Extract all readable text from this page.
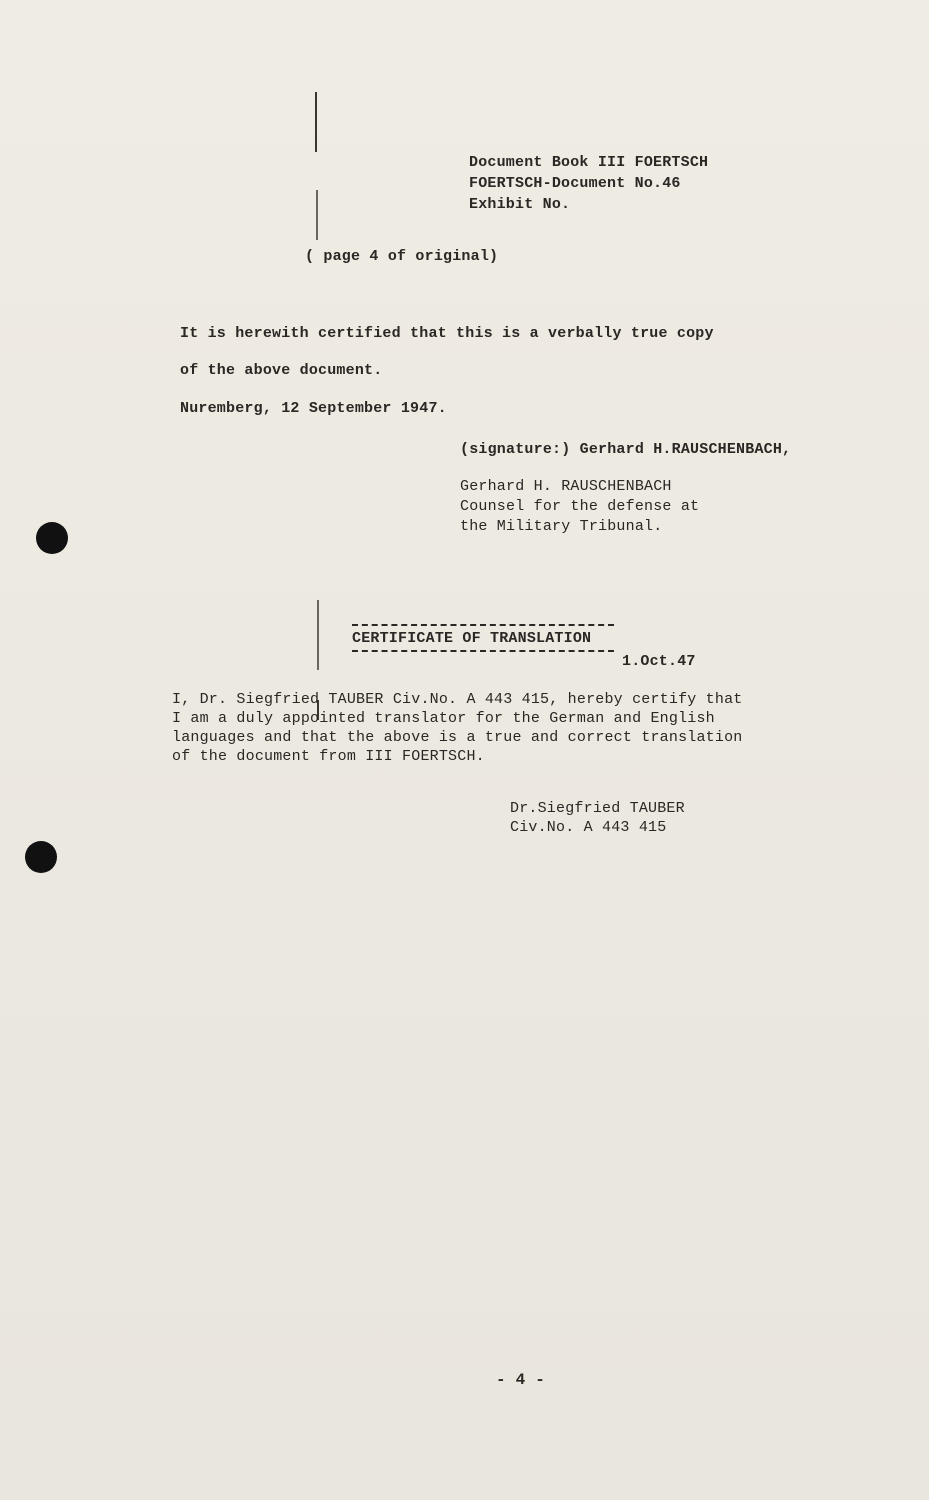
Document Book III FOERTSCH
FOERTSCH-Document No.46
Exhibit No.
( page 4 of original)
It is herewith certified that this is a verbally true copy
of the above document.
Nuremberg, 12 September 1947.
(signature:) Gerhard H.RAUSCHENBACH,
Gerhard H. RAUSCHENBACH
Counsel for the defense at
the Military Tribunal.
CERTIFICATE OF TRANSLATION
1.Oct.47
I, Dr. Siegfried TAUBER Civ.No. A 443 415, hereby certify that
I am a duly appointed translator for the German and English
languages and that the above is a true and correct translation
of the document from III FOERTSCH.
Dr.Siegfried TAUBER
Civ.No. A 443 415
- 4 -
